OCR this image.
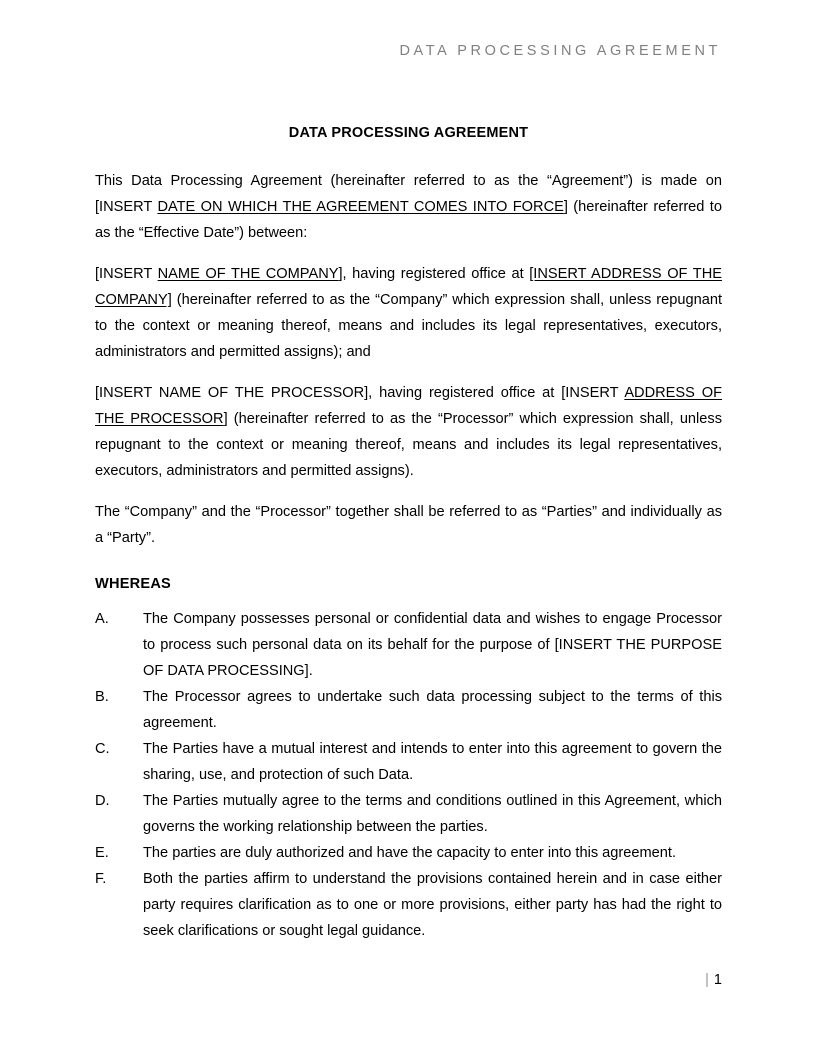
DATA PROCESSING AGREEMENT
DATA PROCESSING AGREEMENT

This Data Processing Agreement (hereinafter referred to as the “Agreement”) is made on [INSERT DATE ON WHICH THE AGREEMENT COMES INTO FORCE] (hereinafter referred to as the “Effective Date”) between:

[INSERT NAME OF THE COMPANY], having registered office at [INSERT ADDRESS OF THE COMPANY] (hereinafter referred to as the “Company” which expression shall, unless repugnant to the context or meaning thereof, means and includes its legal representatives, executors, administrators and permitted assigns); and

[INSERT NAME OF THE PROCESSOR], having registered office at [INSERT ADDRESS OF THE PROCESSOR] (hereinafter referred to as the “Processor” which expression shall, unless repugnant to the context or meaning thereof, means and includes its legal representatives, executors, administrators and permitted assigns).

The “Company” and the “Processor” together shall be referred to as “Parties” and individually as a “Party”.

WHEREAS
A.	The Company possesses personal or confidential data and wishes to engage Processor to process such personal data on its behalf for the purpose of [INSERT THE PURPOSE OF DATA PROCESSING].
B.	The Processor agrees to undertake such data processing subject to the terms of this agreement.
C.	The Parties have a mutual interest and intends to enter into this agreement to govern the sharing, use, and protection of such Data.
D.	The Parties mutually agree to the terms and conditions outlined in this Agreement, which governs the working relationship between the parties.
E.	The parties are duly authorized and have the capacity to enter into this agreement.
F.	Both the parties affirm to understand the provisions contained herein and in case either party requires clarification as to one or more provisions, either party has had the right to seek clarifications or sought legal guidance.
| 1
